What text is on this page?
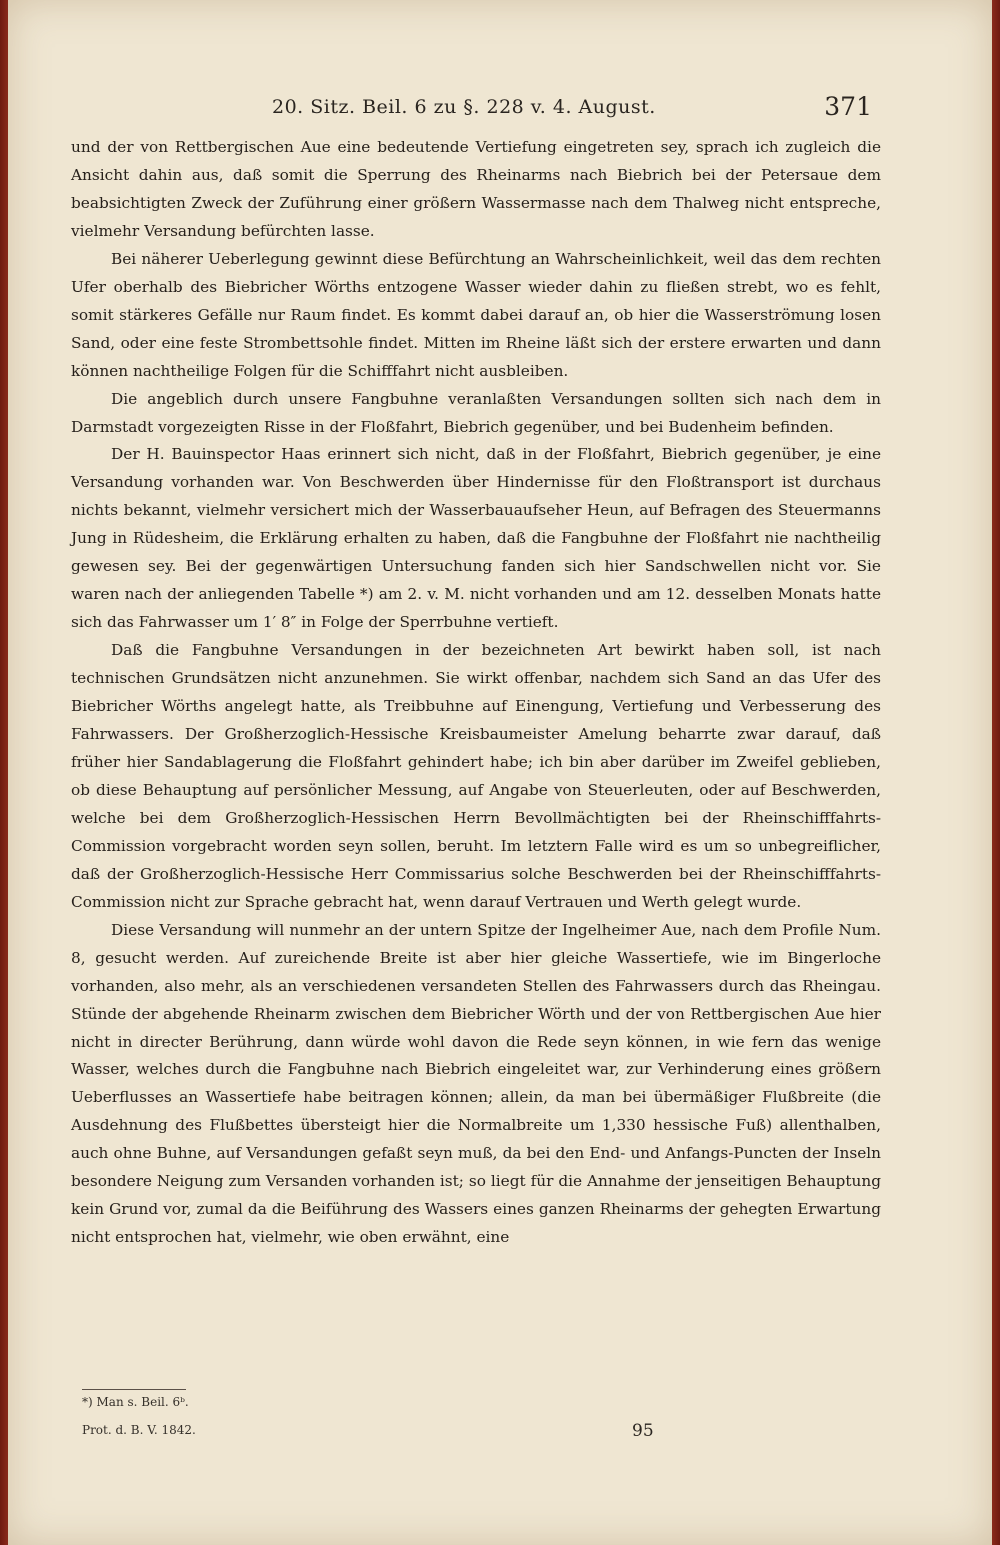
20. Sitz. Beil. 6 zu §. 228 v. 4. August.	371

und der von Rettbergischen Aue eine bedeutende Vertiefung eingetreten sey, sprach ich zugleich die Ansicht dahin aus, daß somit die Sperrung des Rheinarms nach Biebrich bei der Petersaue dem beabsichtigten Zweck der Zuführung einer größern Wassermasse nach dem Thalweg nicht entspreche, vielmehr Versandung befürchten lasse.

Bei näherer Ueberlegung gewinnt diese Befürchtung an Wahrscheinlichkeit, weil das dem rechten Ufer oberhalb des Biebricher Wörths entzogene Wasser wieder dahin zu fließen strebt, wo es fehlt, somit stärkeres Gefälle nur Raum findet. Es kommt dabei darauf an, ob hier die Wasserströmung losen Sand, oder eine feste Strombettsohle findet. Mitten im Rheine läßt sich der erstere erwarten und dann können nachtheilige Folgen für die Schifffahrt nicht ausbleiben.

Die angeblich durch unsere Fangbuhne veranlaßten Versandungen sollten sich nach dem in Darmstadt vorgezeigten Risse in der Floßfahrt, Biebrich gegenüber, und bei Budenheim befinden.

Der H. Bauinspector Haas erinnert sich nicht, daß in der Floßfahrt, Biebrich gegenüber, je eine Versandung vorhanden war. Von Beschwerden über Hindernisse für den Floßtransport ist durchaus nichts bekannt, vielmehr versichert mich der Wasserbauaufseher Heun, auf Befragen des Steuermanns Jung in Rüdesheim, die Erklärung erhalten zu haben, daß die Fangbuhne der Floßfahrt nie nachtheilig gewesen sey. Bei der gegenwärtigen Untersuchung fanden sich hier Sandschwellen nicht vor. Sie waren nach der anliegenden Tabelle *) am 2. v. M. nicht vorhanden und am 12. desselben Monats hatte sich das Fahrwasser um 1′ 8″ in Folge der Sperrbuhne vertieft.

Daß die Fangbuhne Versandungen in der bezeichneten Art bewirkt haben soll, ist nach technischen Grundsätzen nicht anzunehmen. Sie wirkt offenbar, nachdem sich Sand an das Ufer des Biebricher Wörths angelegt hatte, als Treibbuhne auf Einengung, Vertiefung und Verbesserung des Fahrwassers. Der Großherzoglich-Hessische Kreisbaumeister Amelung beharrte zwar darauf, daß früher hier Sandablagerung die Floßfahrt gehindert habe; ich bin aber darüber im Zweifel geblieben, ob diese Behauptung auf persönlicher Messung, auf Angabe von Steuerleuten, oder auf Beschwerden, welche bei dem Großherzoglich-Hessischen Herrn Bevollmächtigten bei der Rheinschifffahrts-Commission vorgebracht worden seyn sollen, beruht. Im letztern Falle wird es um so unbegreiflicher, daß der Großherzoglich-Hessische Herr Commissarius solche Beschwerden bei der Rheinschifffahrts-Commission nicht zur Sprache gebracht hat, wenn darauf Vertrauen und Werth gelegt wurde.

Diese Versandung will nunmehr an der untern Spitze der Ingelheimer Aue, nach dem Profile Num. 8, gesucht werden. Auf zureichende Breite ist aber hier gleiche Wassertiefe, wie im Bingerloche vorhanden, also mehr, als an verschiedenen versandeten Stellen des Fahrwassers durch das Rheingau. Stünde der abgehende Rheinarm zwischen dem Biebricher Wörth und der von Rettbergischen Aue hier nicht in directer Berührung, dann würde wohl davon die Rede seyn können, in wie fern das wenige Wasser, welches durch die Fangbuhne nach Biebrich eingeleitet war, zur Verhinderung eines größern Ueberflusses an Wassertiefe habe beitragen können; allein, da man bei übermäßiger Flußbreite (die Ausdehnung des Flußbettes übersteigt hier die Normalbreite um 1,330 hessische Fuß) allenthalben, auch ohne Buhne, auf Versandungen gefaßt seyn muß, da bei den End- und Anfangs-Puncten der Inseln besondere Neigung zum Versanden vorhanden ist; so liegt für die Annahme der jenseitigen Behauptung kein Grund vor, zumal da die Beiführung des Wassers eines ganzen Rheinarms der gehegten Erwartung nicht entsprochen hat, vielmehr, wie oben erwähnt, eine

*) Man s. Beil. 6ᵇ.
Prot. d. B. V. 1842.	95
